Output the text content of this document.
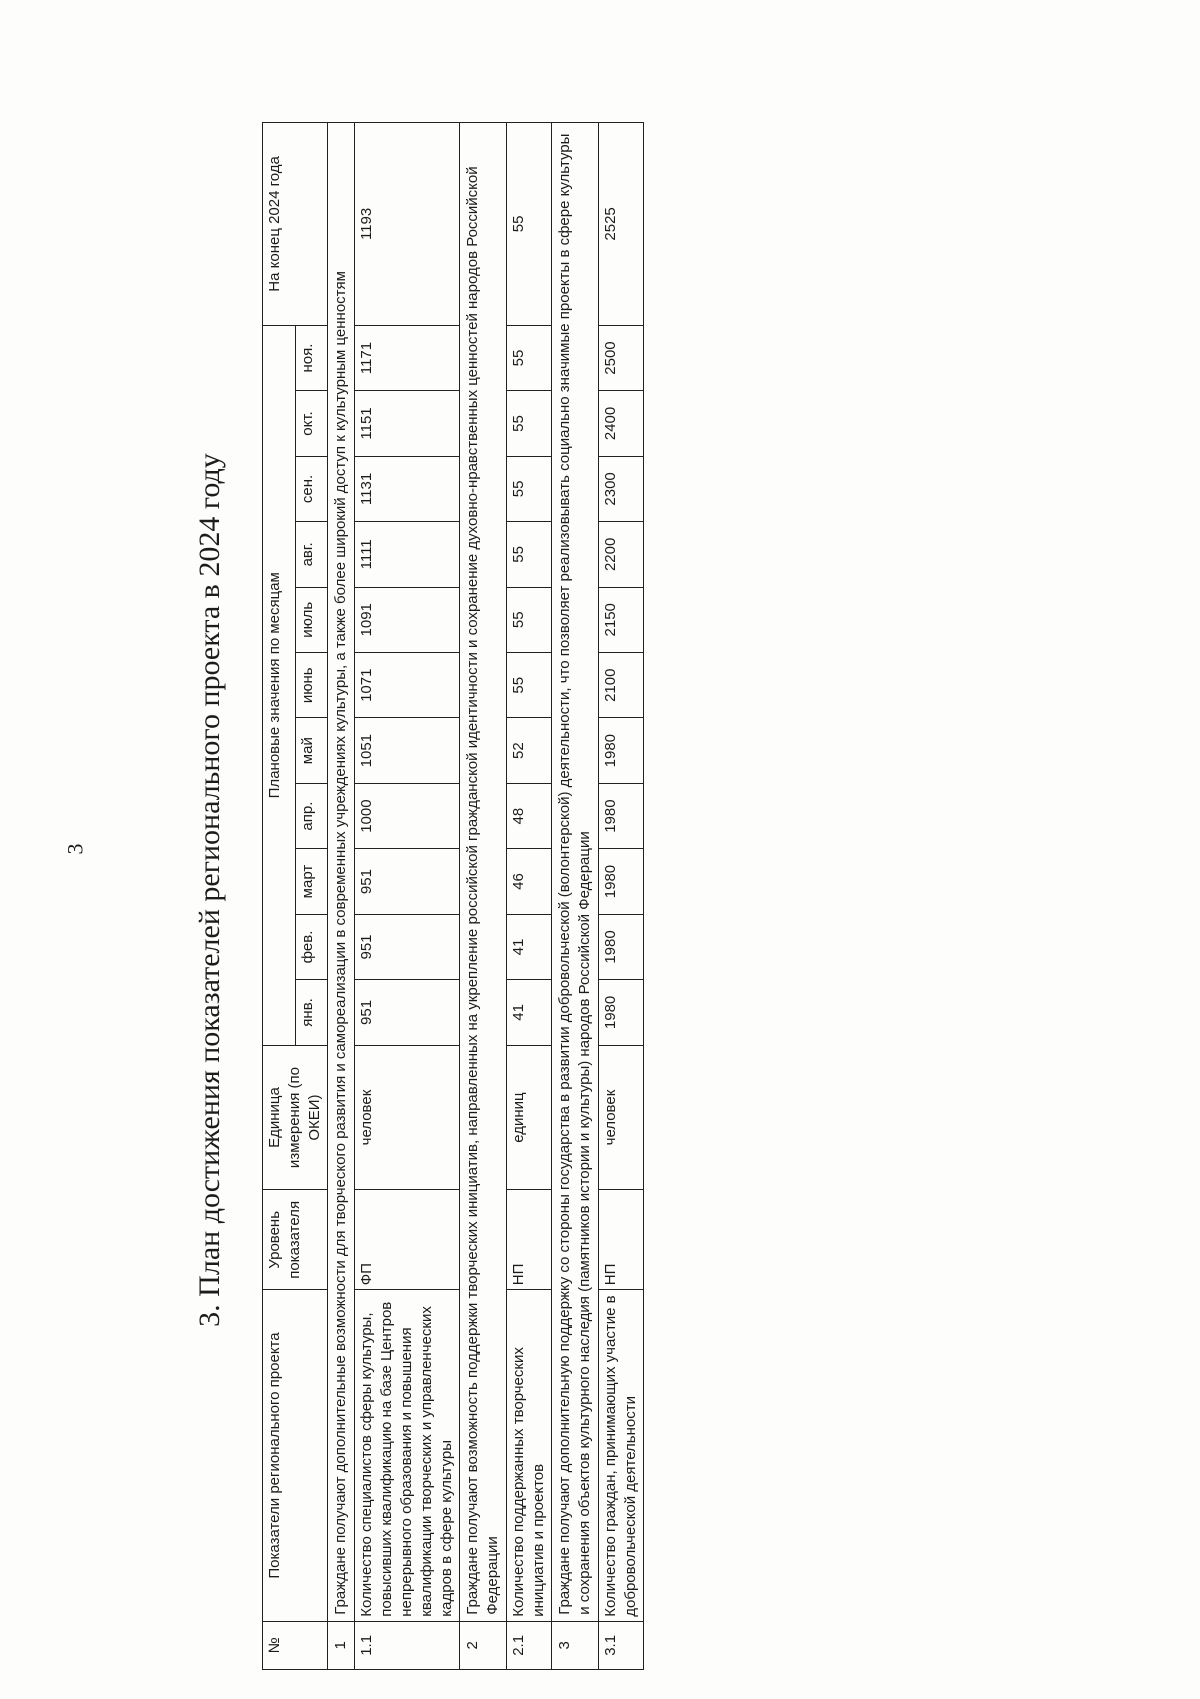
3	3. План достижения показателей регионального проекта в 2024 году
№	Показатели регионального проекта	Уровень показателя	Единица измерения (по ОКЕИ)	Плановые значения по месяцам											На конец 2024 года
				янв.	фев.	март	апр.	май	июнь	июль	авг.	сен.	окт.	ноя.	
1	Граждане получают дополнительные возможности для творческого развития и самореализации в современных учреждениях культуры, а также более широкий доступ к культурным ценностям														
1.1	Количество специалистов сферы культуры, повысивших квалификацию на базе Центров непрерывного образования и повышения квалификации творческих и управленческих кадров в сфере культуры	ФП	человек	951	951	951	1000	1051	1071	1091	1111	1131	1151	1171	1193
2	Граждане получают возможность поддержки творческих инициатив, направленных на укрепление российской гражданской идентичности и сохранение духовно-нравственных ценностей народов Российской Федерации														
2.1	Количество поддержанных творческих инициатив и проектов	НП	единиц	41	41	46	48	52	55	55	55	55	55	55	55
3	Граждане получают дополнительную поддержку со стороны государства в развитии добровольческой (волонтерской) деятельности, что позволяет реализовывать социально значимые проекты в сфере культуры и сохранения объектов культурного наследия (памятников истории и культуры) народов Российской Федерации														
3.1	Количество граждан, принимающих участие в добровольческой деятельности	НП	человек	1980	1980	1980	1980	1980	2100	2150	2200	2300	2400	2500	2525
